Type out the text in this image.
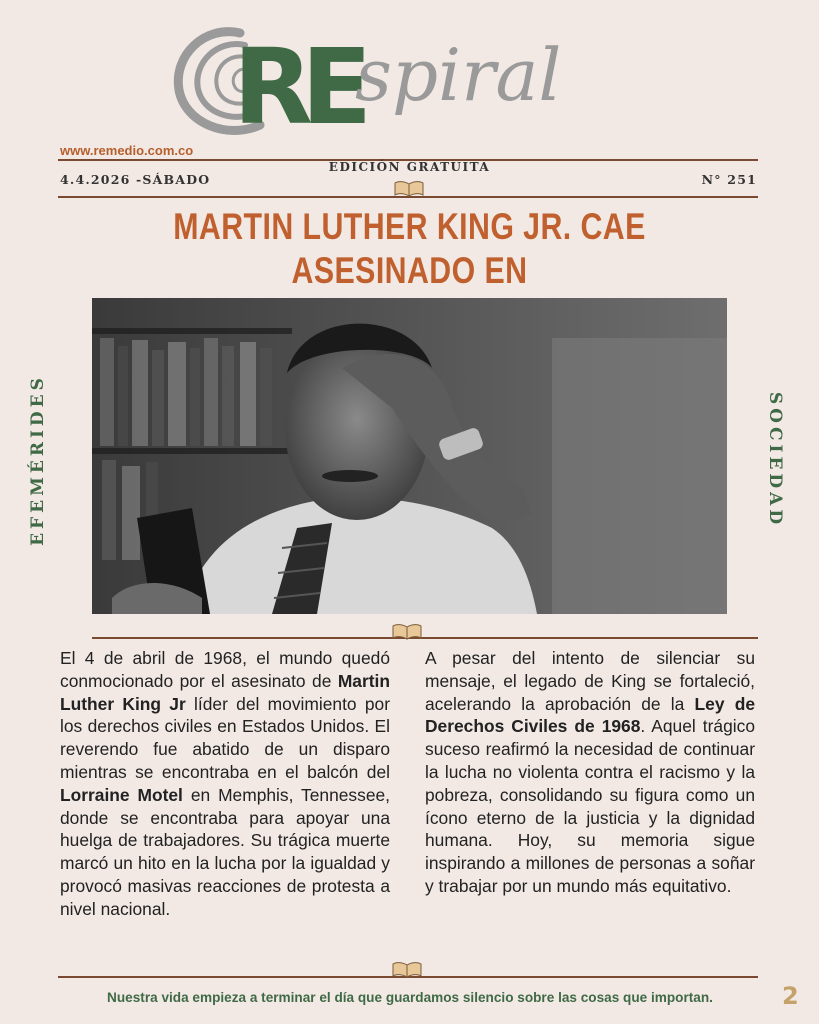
RE
spiral
www.remedio.com.co
EDICIÓN GRATUITA
4.4.2026 -SÁBADO	N° 251
MARTIN LUTHER KING JR. CAE ASESINADO EN
EFEMÉRIDES	SOCIEDAD
El 4 de abril de 1968, el mundo quedó conmocionado por el asesinato de Martin Luther King Jr líder del movimiento por los derechos civiles en Estados Unidos. El reverendo fue abatido de un disparo mientras se encontraba en el balcón del Lorraine Motel en Memphis, Tennessee, donde se encontraba para apoyar una huelga de trabajadores. Su trágica muerte marcó un hito en la lucha por la igualdad y provocó masivas reacciones de protesta a nivel nacional.
A pesar del intento de silenciar su mensaje, el legado de King se fortaleció, acelerando la aprobación de la Ley de Derechos Civiles de 1968. Aquel trágico suceso reafirmó la necesidad de continuar la lucha no violenta contra el racismo y la pobreza, consolidando su figura como un ícono eterno de la justicia y la dignidad humana. Hoy, su memoria sigue inspirando a millones de personas a soñar y trabajar por un mundo más equitativo.
Nuestra vida empieza a terminar el día que guardamos silencio sobre las cosas que importan.	2
